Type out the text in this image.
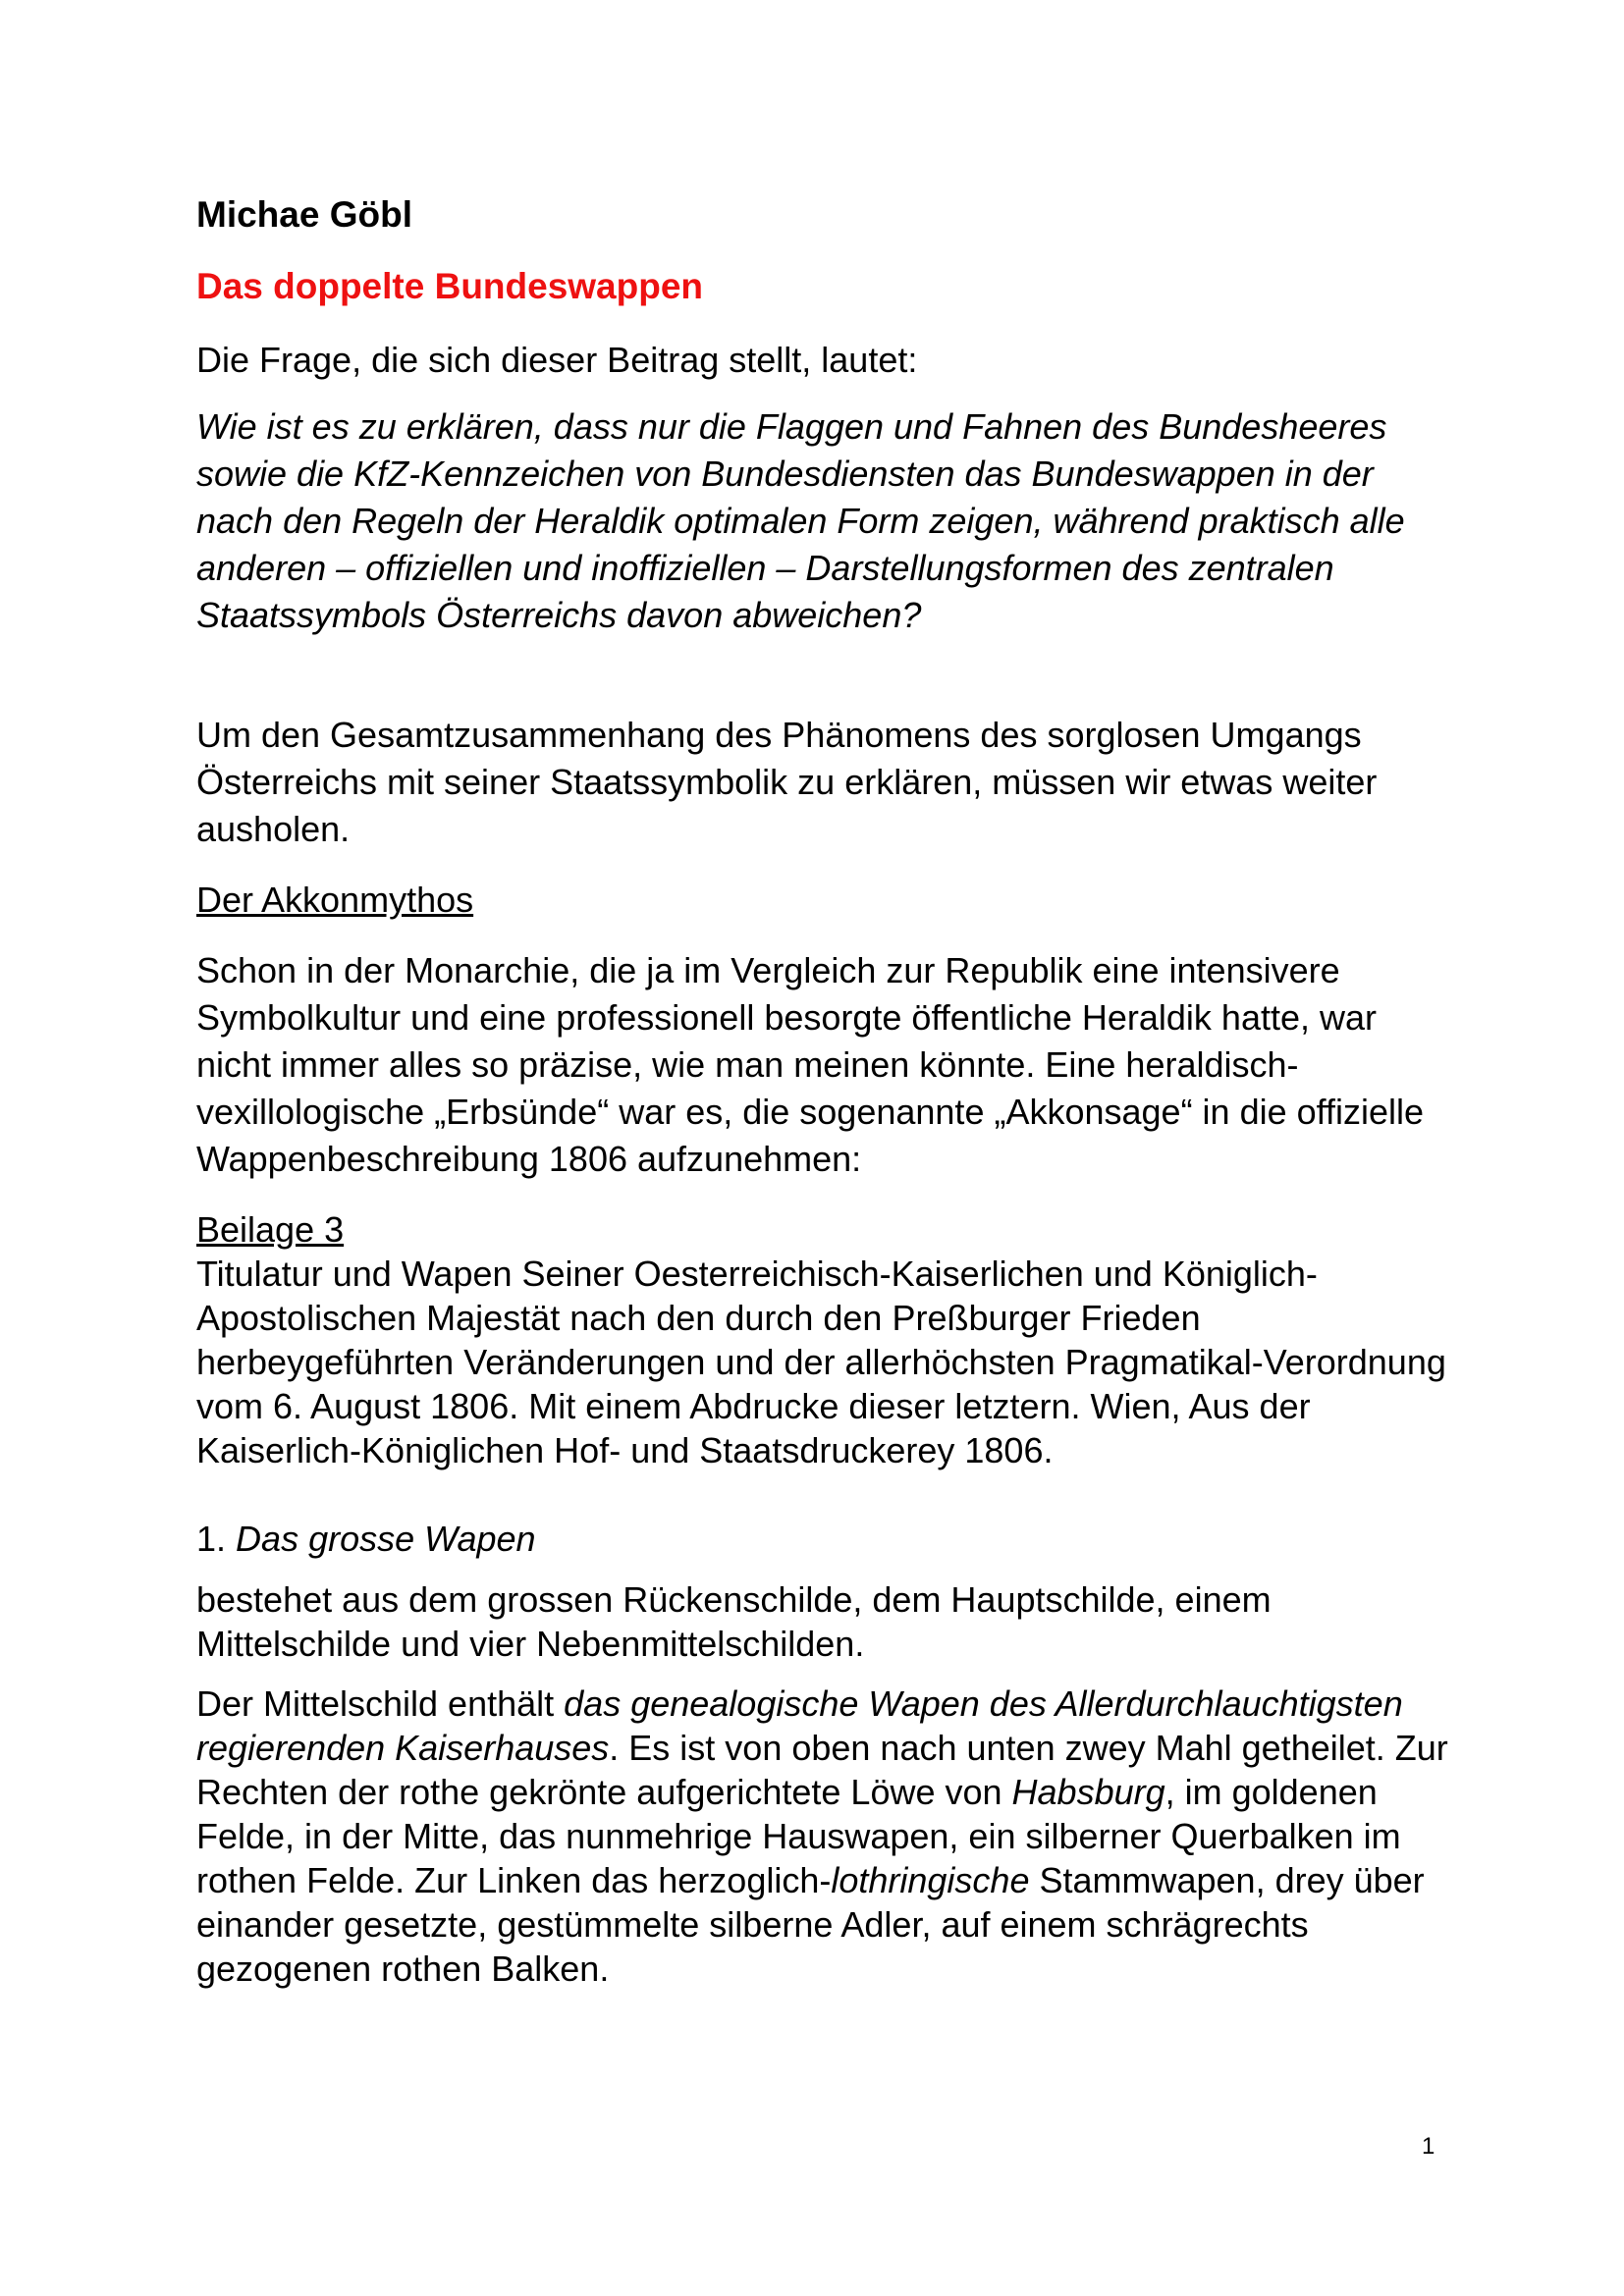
Michae Göbl

Das doppelte Bundeswappen

Die Frage, die sich dieser Beitrag stellt, lautet:

Wie ist es zu erklären, dass nur die Flaggen und Fahnen des Bundesheeres sowie die KfZ-Kennzeichen von Bundesdiensten das Bundeswappen in der nach den Regeln der Heraldik optimalen Form zeigen, während praktisch alle anderen – offiziellen und inoffiziellen – Darstellungsformen des zentralen Staatssymbols Österreichs davon abweichen?

Um den Gesamtzusammenhang des Phänomens des sorglosen Umgangs Österreichs mit seiner Staatssymbolik zu erklären, müssen wir etwas weiter ausholen.

Der Akkonmythos

Schon in der Monarchie, die ja im Vergleich zur Republik eine intensivere Symbolkultur und eine professionell besorgte öffentliche Heraldik hatte, war nicht immer alles so präzise, wie man meinen könnte. Eine heraldisch-vexillologische „Erbsünde“ war es, die sogenannte „Akkonsage“ in die offizielle Wappenbeschreibung 1806 aufzunehmen:

Beilage 3
Titulatur und Wapen Seiner Oesterreichisch-Kaiserlichen und Königlich-Apostolischen Majestät nach den durch den Preßburger Frieden herbeygeführten Veränderungen und der allerhöchsten Pragmatikal-Verordnung vom 6. August 1806. Mit einem Abdrucke dieser letztern. Wien, Aus der Kaiserlich-Königlichen Hof- und Staatsdruckerey 1806.

1. Das grosse Wapen

bestehet aus dem grossen Rückenschilde, dem Hauptschilde, einem Mittelschilde und vier Nebenmittelschilden.

Der Mittelschild enthält das genealogische Wapen des Allerdurchlauchtigsten regierenden Kaiserhauses. Es ist von oben nach unten zwey Mahl getheilet. Zur Rechten der rothe gekrönte aufgerichtete Löwe von Habsburg, im goldenen Felde, in der Mitte, das nunmehrige Hauswapen, ein silberner Querbalken im rothen Felde. Zur Linken das herzoglich-lothringische Stammwapen, drey über einander gesetzte, gestümmelte silberne Adler, auf einem schrägrechts gezogenen rothen Balken.

1
